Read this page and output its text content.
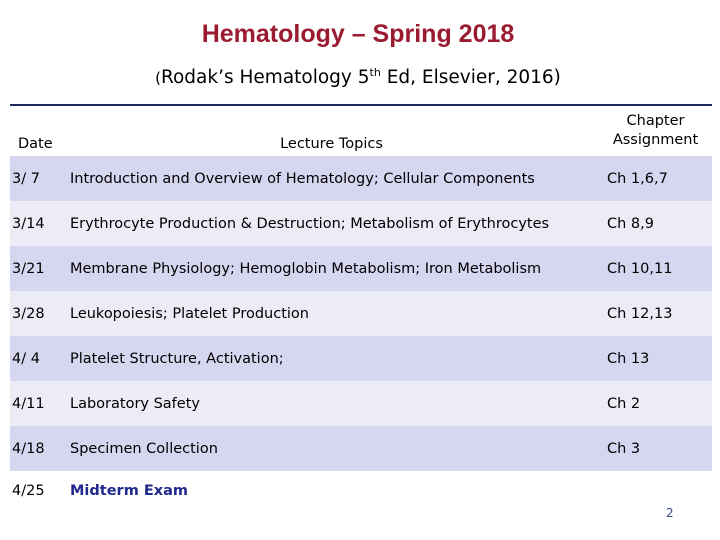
Hematology – Spring 2018

(Rodak’s Hematology 5th Ed, Elsevier, 2016)

Date	Lecture Topics	Chapter
Assignment
3/ 7	Introduction and Overview of Hematology; Cellular Components	Ch 1,6,7
3/14	Erythrocyte Production & Destruction; Metabolism of Erythrocytes	Ch 8,9
3/21	Membrane Physiology; Hemoglobin Metabolism; Iron Metabolism	Ch 10,11
3/28	Leukopoiesis; Platelet Production	Ch 12,13
4/ 4	Platelet Structure, Activation;	Ch 13
4/11	Laboratory Safety	Ch 2
4/18	Specimen Collection	Ch 3
4/25	Midterm Exam	
2
